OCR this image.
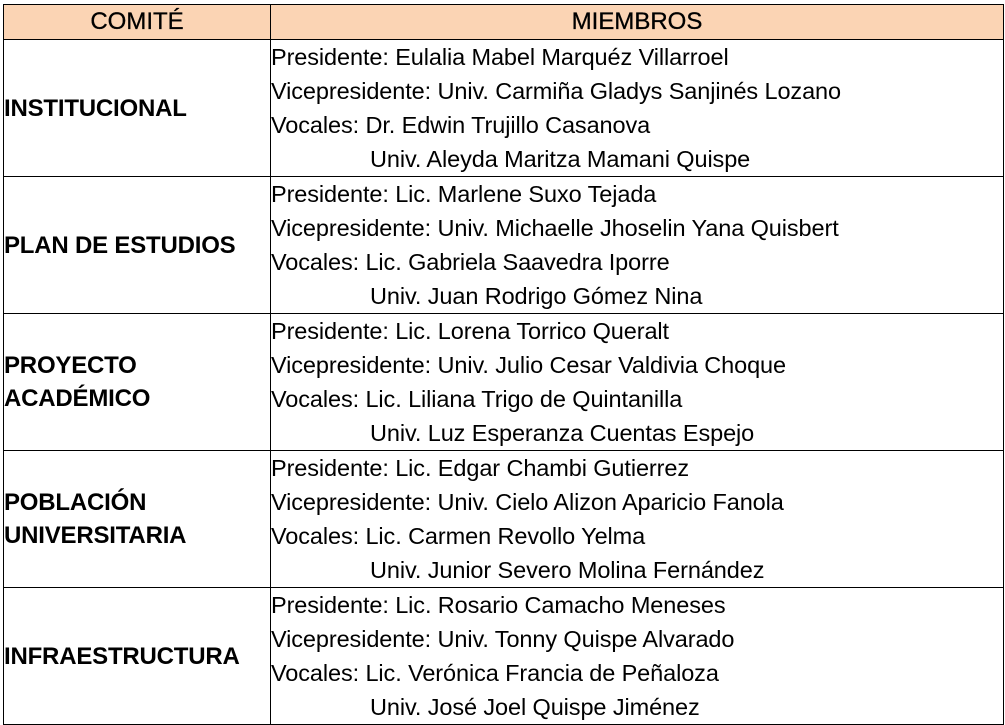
COMITÉ	MIEMBROS
INSTITUCIONAL	Presidente: Eulalia Mabel Marquéz Villarroel
Vicepresidente: Univ. Carmiña Gladys Sanjinés Lozano
Vocales: Dr. Edwin Trujillo Casanova
Univ. Aleyda Maritza Mamani Quispe

PLAN DE ESTUDIOS	Presidente: Lic. Marlene Suxo Tejada
Vicepresidente: Univ. Michaelle Jhoselin Yana Quisbert
Vocales: Lic. Gabriela Saavedra Iporre
Univ. Juan Rodrigo Gómez Nina

PROYECTO ACADÉMICO	Presidente: Lic. Lorena Torrico Queralt
Vicepresidente: Univ. Julio Cesar Valdivia Choque
Vocales: Lic. Liliana Trigo de Quintanilla
Univ. Luz Esperanza Cuentas Espejo

POBLACIÓN UNIVERSITARIA	Presidente: Lic. Edgar Chambi Gutierrez
Vicepresidente: Univ. Cielo Alizon Aparicio Fanola
Vocales: Lic. Carmen Revollo Yelma
Univ. Junior Severo Molina Fernández

INFRAESTRUCTURA	Presidente: Lic. Rosario Camacho Meneses
Vicepresidente: Univ. Tonny Quispe Alvarado
Vocales: Lic. Verónica Francia de Peñaloza
Univ. José Joel Quispe Jiménez
